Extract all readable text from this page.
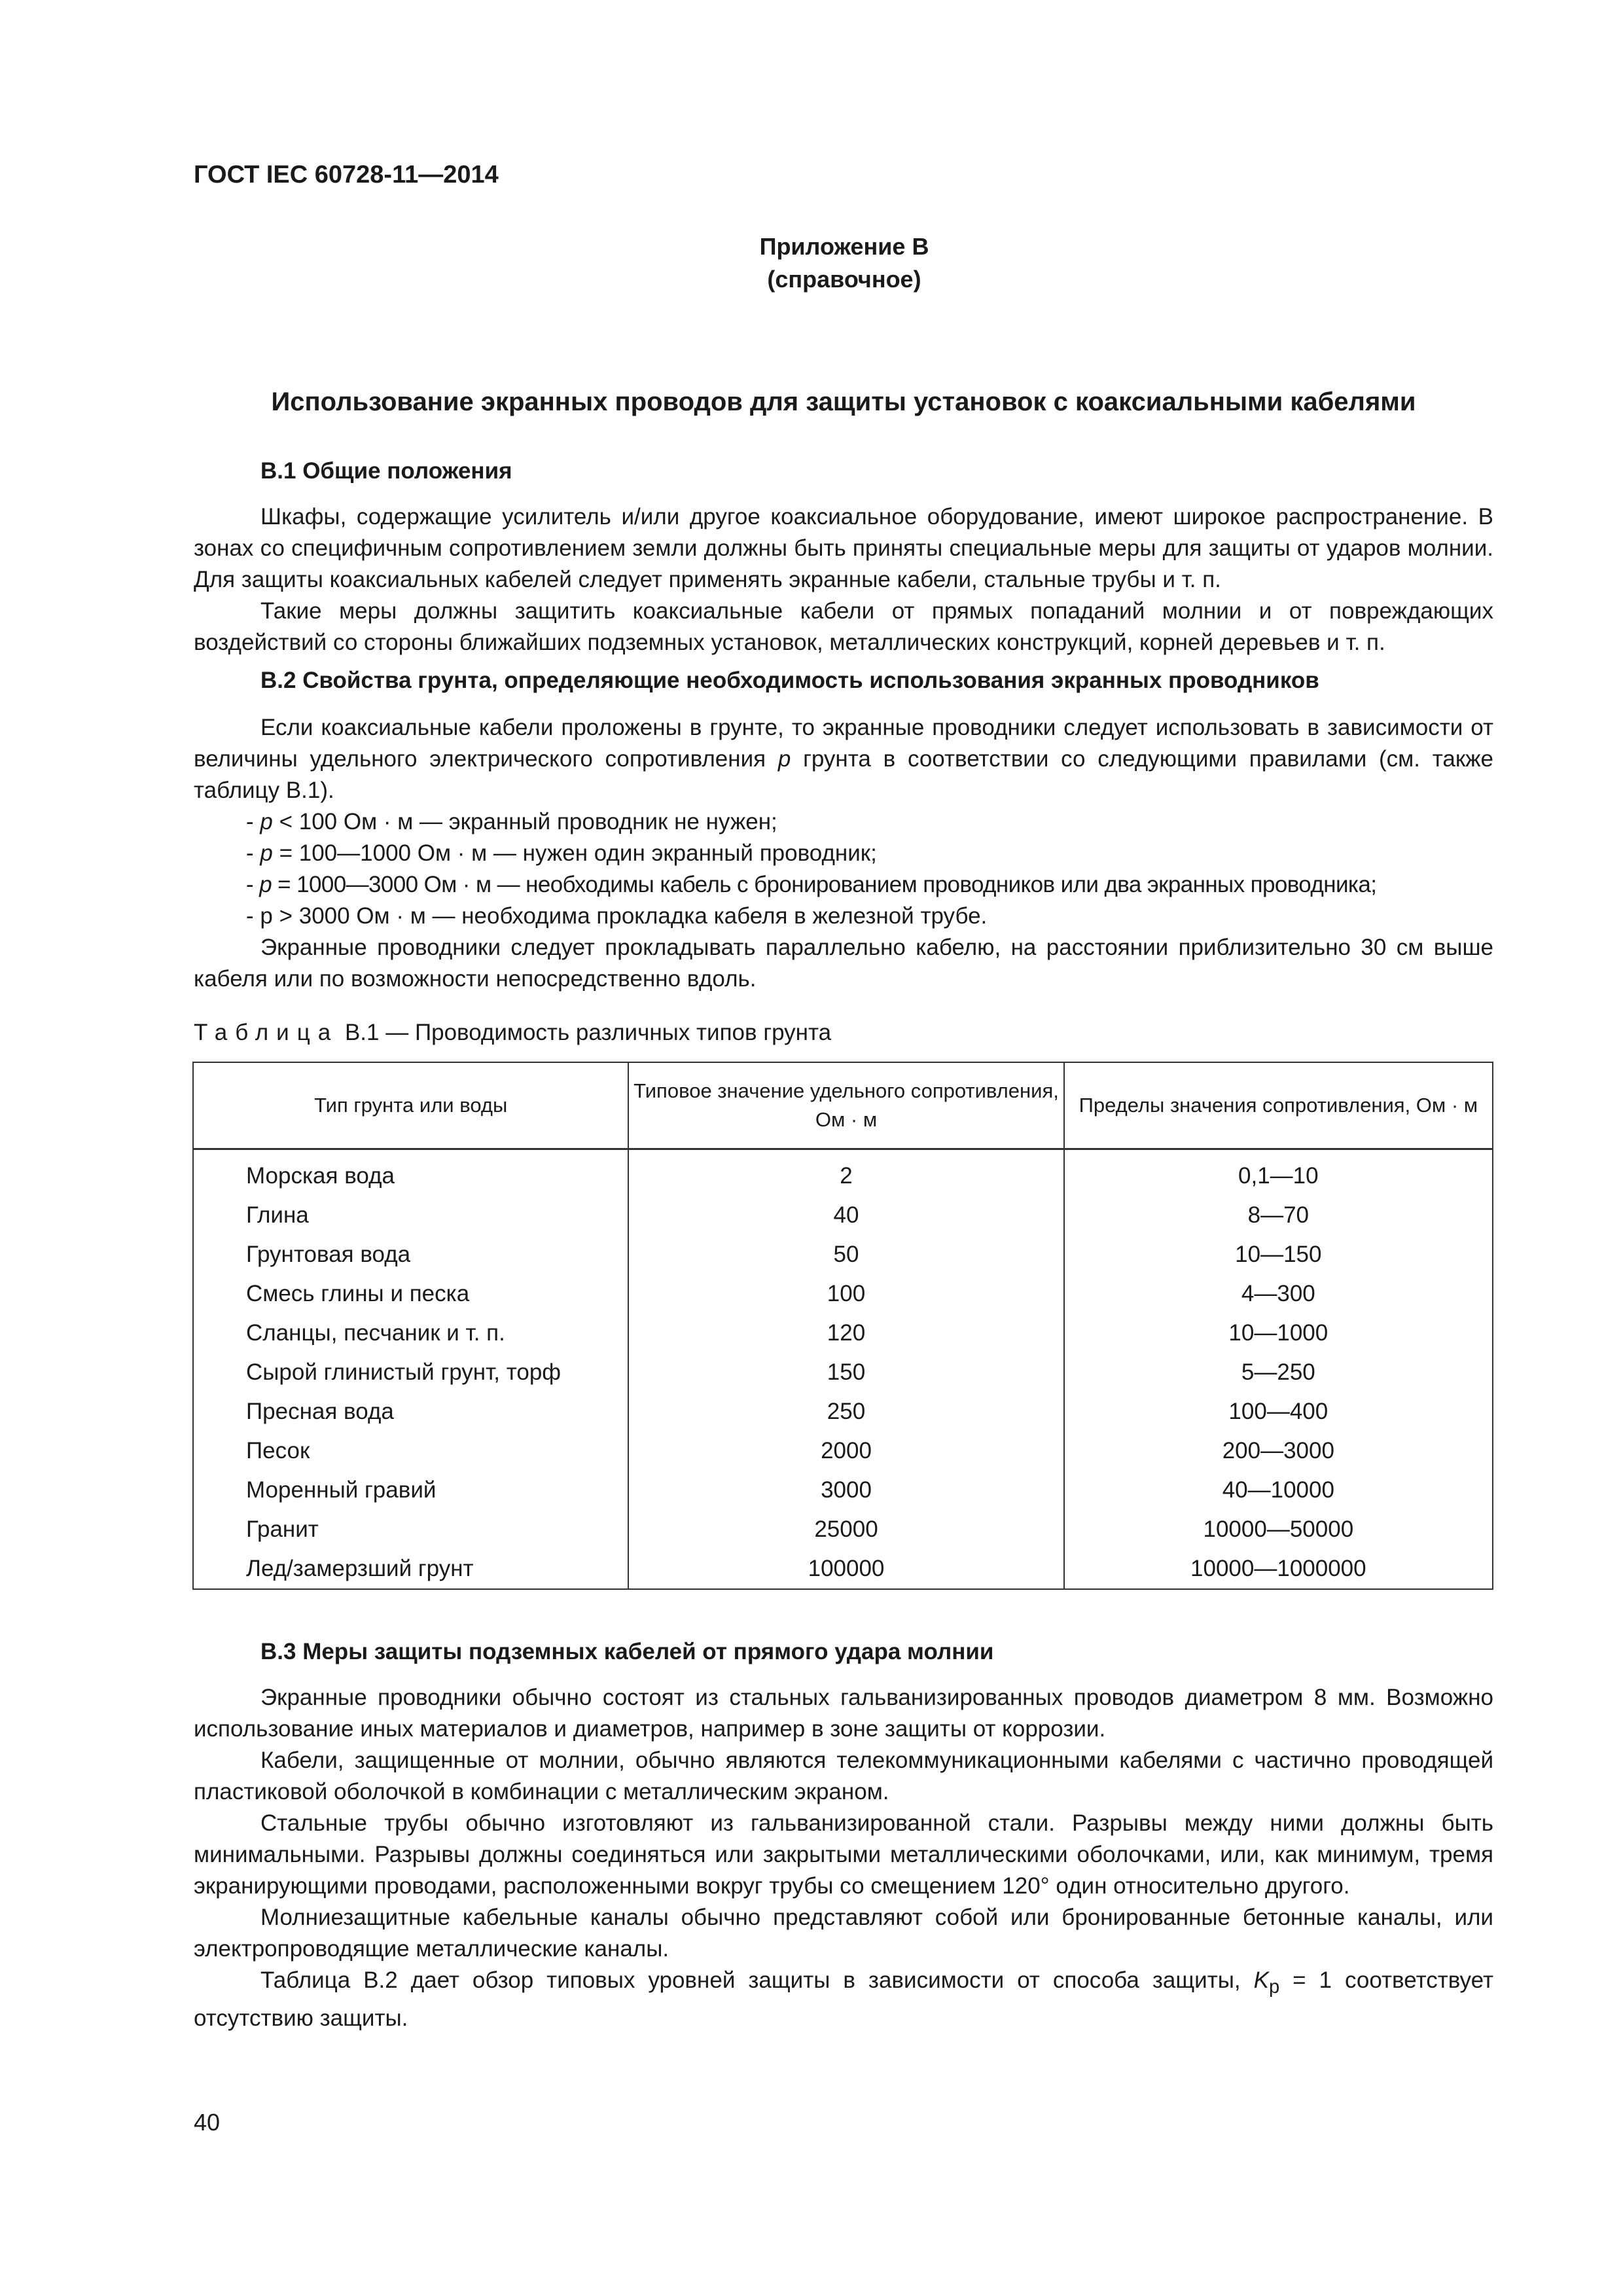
ГОСТ IEC 60728-11—2014
Приложение В
(справочное)
Использование экранных проводов для защиты установок с коаксиальными кабелями
В.1 Общие положения

Шкафы, содержащие усилитель и/или другое коаксиальное оборудование, имеют широкое распространение. В зонах со специфичным сопротивлением земли должны быть приняты специальные меры для защиты от ударов молнии. Для защиты коаксиальных кабелей следует применять экранные кабели, стальные трубы и т. п.

Такие меры должны защитить коаксиальные кабели от прямых попаданий молнии и от повреждающих воздействий со стороны ближайших подземных установок, металлических конструкций, корней деревьев и т. п.

В.2 Свойства грунта, определяющие необходимость использования экранных проводников

Если коаксиальные кабели проложены в грунте, то экранные проводники следует использовать в зависимости от величины удельного электрического сопротивления p грунта в соответствии со следующими правилами (см. также таблицу В.1).

- p < 100 Ом · м — экранный проводник не нужен;
- p = 100—1000 Ом · м — нужен один экранный проводник;
- p = 1000—3000 Ом · м — необходимы кабель с бронированием проводников или два экранных проводника;
- p > 3000 Ом · м — необходима прокладка кабеля в железной трубе.

Экранные проводники следует прокладывать параллельно кабелю, на расстоянии приблизительно 30 см выше кабеля или по возможности непосредственно вдоль.

Таблица В.1 — Проводимость различных типов грунта
Тип грунта или воды	Типовое значение удельного сопротивления, Ом · м	Пределы значения сопротивления, Ом · м
Морская вода	2	0,1—10
Глина	40	8—70
Грунтовая вода	50	10—150
Смесь глины и песка	100	4—300
Сланцы, песчаник и т. п.	120	10—1000
Сырой глинистый грунт, торф	150	5—250
Пресная вода	250	100—400
Песок	2000	200—3000
Моренный гравий	3000	40—10000
Гранит	25000	10000—50000
Лед/замерзший грунт	100000	10000—1000000
В.3 Меры защиты подземных кабелей от прямого удара молнии

Экранные проводники обычно состоят из стальных гальванизированных проводов диаметром 8 мм. Возможно использование иных материалов и диаметров, например в зоне защиты от коррозии.

Кабели, защищенные от молнии, обычно являются телекоммуникационными кабелями с частично проводящей пластиковой оболочкой в комбинации с металлическим экраном.

Стальные трубы обычно изготовляют из гальванизированной стали. Разрывы между ними должны быть минимальными. Разрывы должны соединяться или закрытыми металлическими оболочками, или, как минимум, тремя экранирующими проводами, расположенными вокруг трубы со смещением 120° один относительно другого.

Молниезащитные кабельные каналы обычно представляют собой или бронированные бетонные каналы, или электропроводящие металлические каналы.

Таблица В.2 дает обзор типовых уровней защиты в зависимости от способа защиты, $K_p = 1$ соответствует отсутствию защиты.

40
